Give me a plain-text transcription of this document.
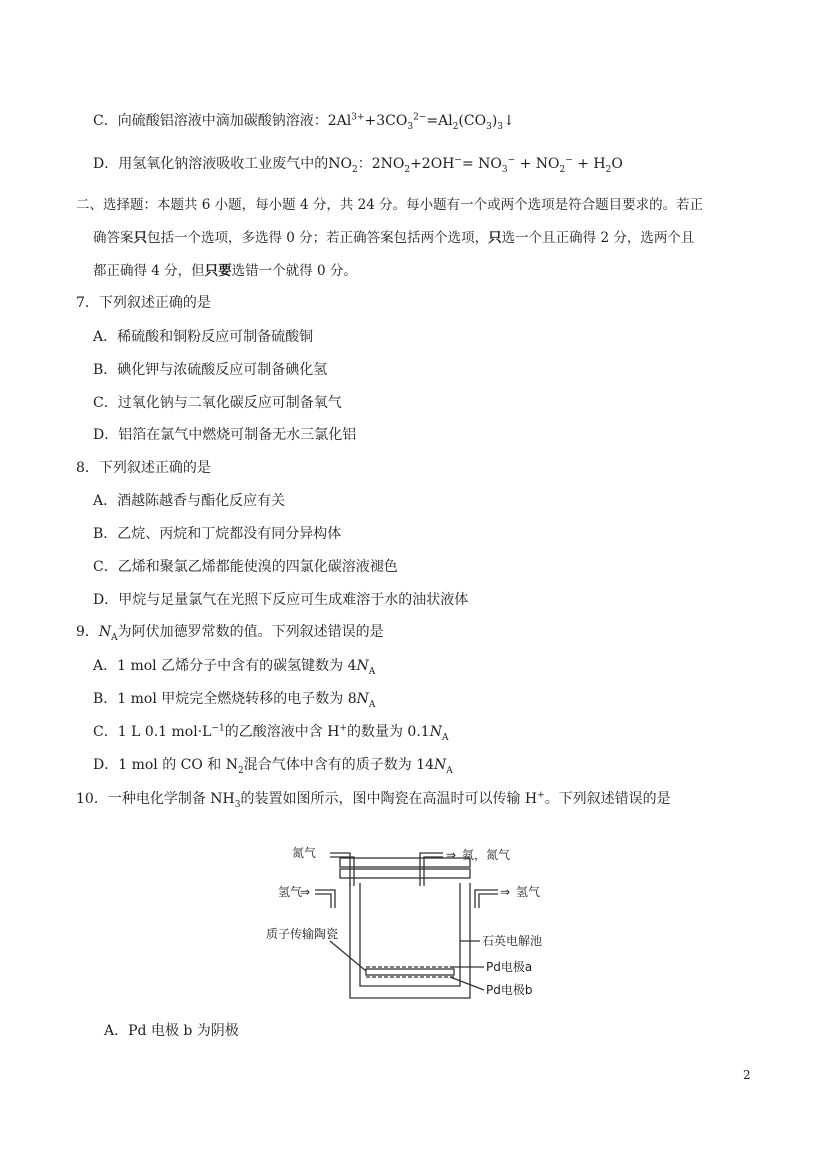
C．向硫酸铝溶液中滴加碳酸钠溶液：$2Al^{3+}+3CO_3^{2-}=Al_2(CO_3)_3↓$
D．用氢氧化钠溶液吸收工业废气中的$NO_2$：$2NO_2+2OH^-= NO_3^- + NO_2^- + H_2O$
二、选择题：本题共 6 小题，每小题 4 分，共 24 分。每小题有一个或两个选项是符合题目要求的。若正
确答案只包括一个选项，多选得 0 分；若正确答案包括两个选项，只选一个且正确得 2 分，选两个且
都正确得 4 分，但只要选错一个就得 0 分。
7．下列叙述正确的是
A．稀硫酸和铜粉反应可制备硫酸铜
B．碘化钾与浓硫酸反应可制备碘化氢
C．过氧化钠与二氧化碳反应可制备氧气
D．铝箔在氯气中燃烧可制备无水三氯化铝
8．下列叙述正确的是
A．酒越陈越香与酯化反应有关
B．乙烷、丙烷和丁烷都没有同分异构体
C．乙烯和聚氯乙烯都能使溴的四氯化碳溶液褪色
D．甲烷与足量氯气在光照下反应可生成难溶于水的油状液体
9．$N_A$为阿伏加德罗常数的值。下列叙述错误的是
A．1 mol 乙烯分子中含有的碳氢键数为 $4N_A$
B．1 mol 甲烷完全燃烧转移的电子数为 $8N_A$
C．1 L 0.1 $mol\cdot L^{-1}$的乙酸溶液中含 H+的数量为 $0.1N_A$
D．1 mol 的 CO 和 $N_2$混合气体中含有的质子数为 $14N_A$
10．一种电化学制备 $NH_3$的装置如图所示，图中陶瓷在高温时可以传输 H+。下列叙述错误的是
氮气	⇒ 氨，氮气
氢气
⇒	⇒ 氢气
质子传输陶瓷	石英电解池
Pd电极a
Pd电极b
A．Pd 电极 b 为阴极
2
